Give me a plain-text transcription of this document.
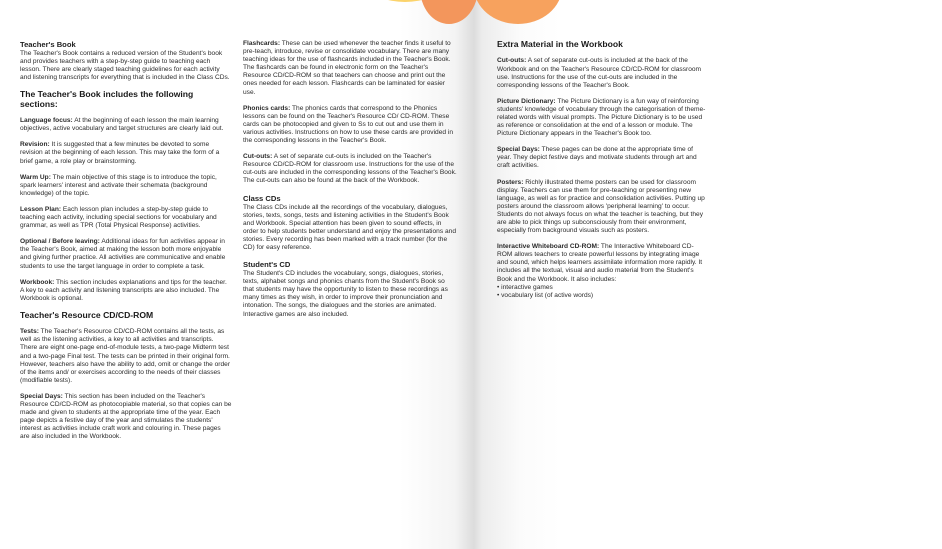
Teacher's Book

The Teacher's Book contains a reduced version of the Student's book and provides teachers with a step-by-step guide to teaching each lesson. There are clearly staged teaching guidelines for each activity and listening transcripts for everything that is included in the Class CDs.

The Teacher's Book includes the following sections:

Language focus: At the beginning of each lesson the main learning objectives, active vocabulary and target structures are clearly laid out.

Revision: It is suggested that a few minutes be devoted to some revision at the beginning of each lesson. This may take the form of a brief game, a role play or brainstorming.

Warm Up: The main objective of this stage is to introduce the topic, spark learners' interest and activate their schemata (background knowledge) of the topic.

Lesson Plan: Each lesson plan includes a step-by-step guide to teaching each activity, including special sections for vocabulary and grammar, as well as TPR (Total Physical Response) activities.

Optional / Before leaving: Additional ideas for fun activities appear in the Teacher's Book, aimed at making the lesson both more enjoyable and giving further practice. All activities are communicative and enable students to use the target language in order to complete a task.

Workbook: This section includes explanations and tips for the teacher. A key to each activity and listening transcripts are also included. The Workbook is optional.

Teacher's Resource CD/CD-ROM

Tests: The Teacher's Resource CD/CD-ROM contains all the tests, as well as the listening activities, a key to all activities and transcripts. There are eight one-page end-of-module tests, a two-page Midterm test and a two-page Final test. The tests can be printed in their original form. However, teachers also have the ability to add, omit or change the order of the items and/ or exercises according to the needs of their classes (modifiable tests).

Special Days: This section has been included on the Teacher's Resource CD/CD-ROM as photocopiable material, so that copies can be made and given to students at the appropriate time of the year. Each page depicts a festive day of the year and stimulates the students' interest as activities include craft work and colouring in. These pages are also included in the Workbook.

Flashcards: These can be used whenever the teacher finds it useful to pre-teach, introduce, revise or consolidate vocabulary. There are many teaching ideas for the use of flashcards included in the Teacher's Book. The flashcards can be found in electronic form on the Teacher's Resource CD/CD-ROM so that teachers can choose and print out the ones needed for each lesson. Flashcards can be laminated for easier use.

Phonics cards: The phonics cards that correspond to the Phonics lessons can be found on the Teacher's Resource CD/ CD-ROM. These cards can be photocopied and given to Ss to cut out and use them in various activities. Instructions on how to use these cards are provided in the corresponding lessons in the Teacher's Book.

Cut-outs: A set of separate cut-outs is included on the Teacher's Resource CD/CD-ROM for classroom use. Instructions for the use of the cut-outs are included in the corresponding lessons of the Teacher's Book. The cut-outs can also be found at the back of the Workbook.

Class CDs

The Class CDs include all the recordings of the vocabulary, dialogues, stories, texts, songs, tests and listening activities in the Student's Book and Workbook. Special attention has been given to sound effects, in order to help students better understand and enjoy the presentations and stories. Every recording has been marked with a track number (for the CD) for easy reference.

Student's CD

The Student's CD includes the vocabulary, songs, dialogues, stories, texts, alphabet songs and phonics chants from the Student's Book so that students may have the opportunity to listen to these recordings as many times as they wish, in order to improve their pronunciation and intonation. The songs, the dialogues and the stories are animated. Interactive games are also included.

Extra Material in the Workbook

Cut-outs: A set of separate cut-outs is included at the back of the Workbook and on the Teacher's Resource CD/CD-ROM for classroom use. Instructions for the use of the cut-outs are included in the corresponding lessons of the Teacher's Book.

Picture Dictionary: The Picture Dictionary is a fun way of reinforcing students' knowledge of vocabulary through the categorisation of theme-related words with visual prompts. The Picture Dictionary is to be used as reference or consolidation at the end of a lesson or module. The Picture Dictionary appears in the Teacher's Book too.

Special Days: These pages can be done at the appropriate time of year. They depict festive days and motivate students through art and craft activities.

Posters: Richly illustrated theme posters can be used for classroom display. Teachers can use them for pre-teaching or presenting new language, as well as for practice and consolidation activities. Putting up posters around the classroom allows 'peripheral learning' to occur. Students do not always focus on what the teacher is teaching, but they are able to pick things up subconsciously from their environment, especially from background visuals such as posters.

Interactive Whiteboard CD-ROM: The Interactive Whiteboard CD-ROM allows teachers to create powerful lessons by integrating image and sound, which helps learners assimilate information more rapidly. It includes all the textual, visual and audio material from the Student's Book and the Workbook. It also includes:

• interactive games
• vocabulary list (of active words)
